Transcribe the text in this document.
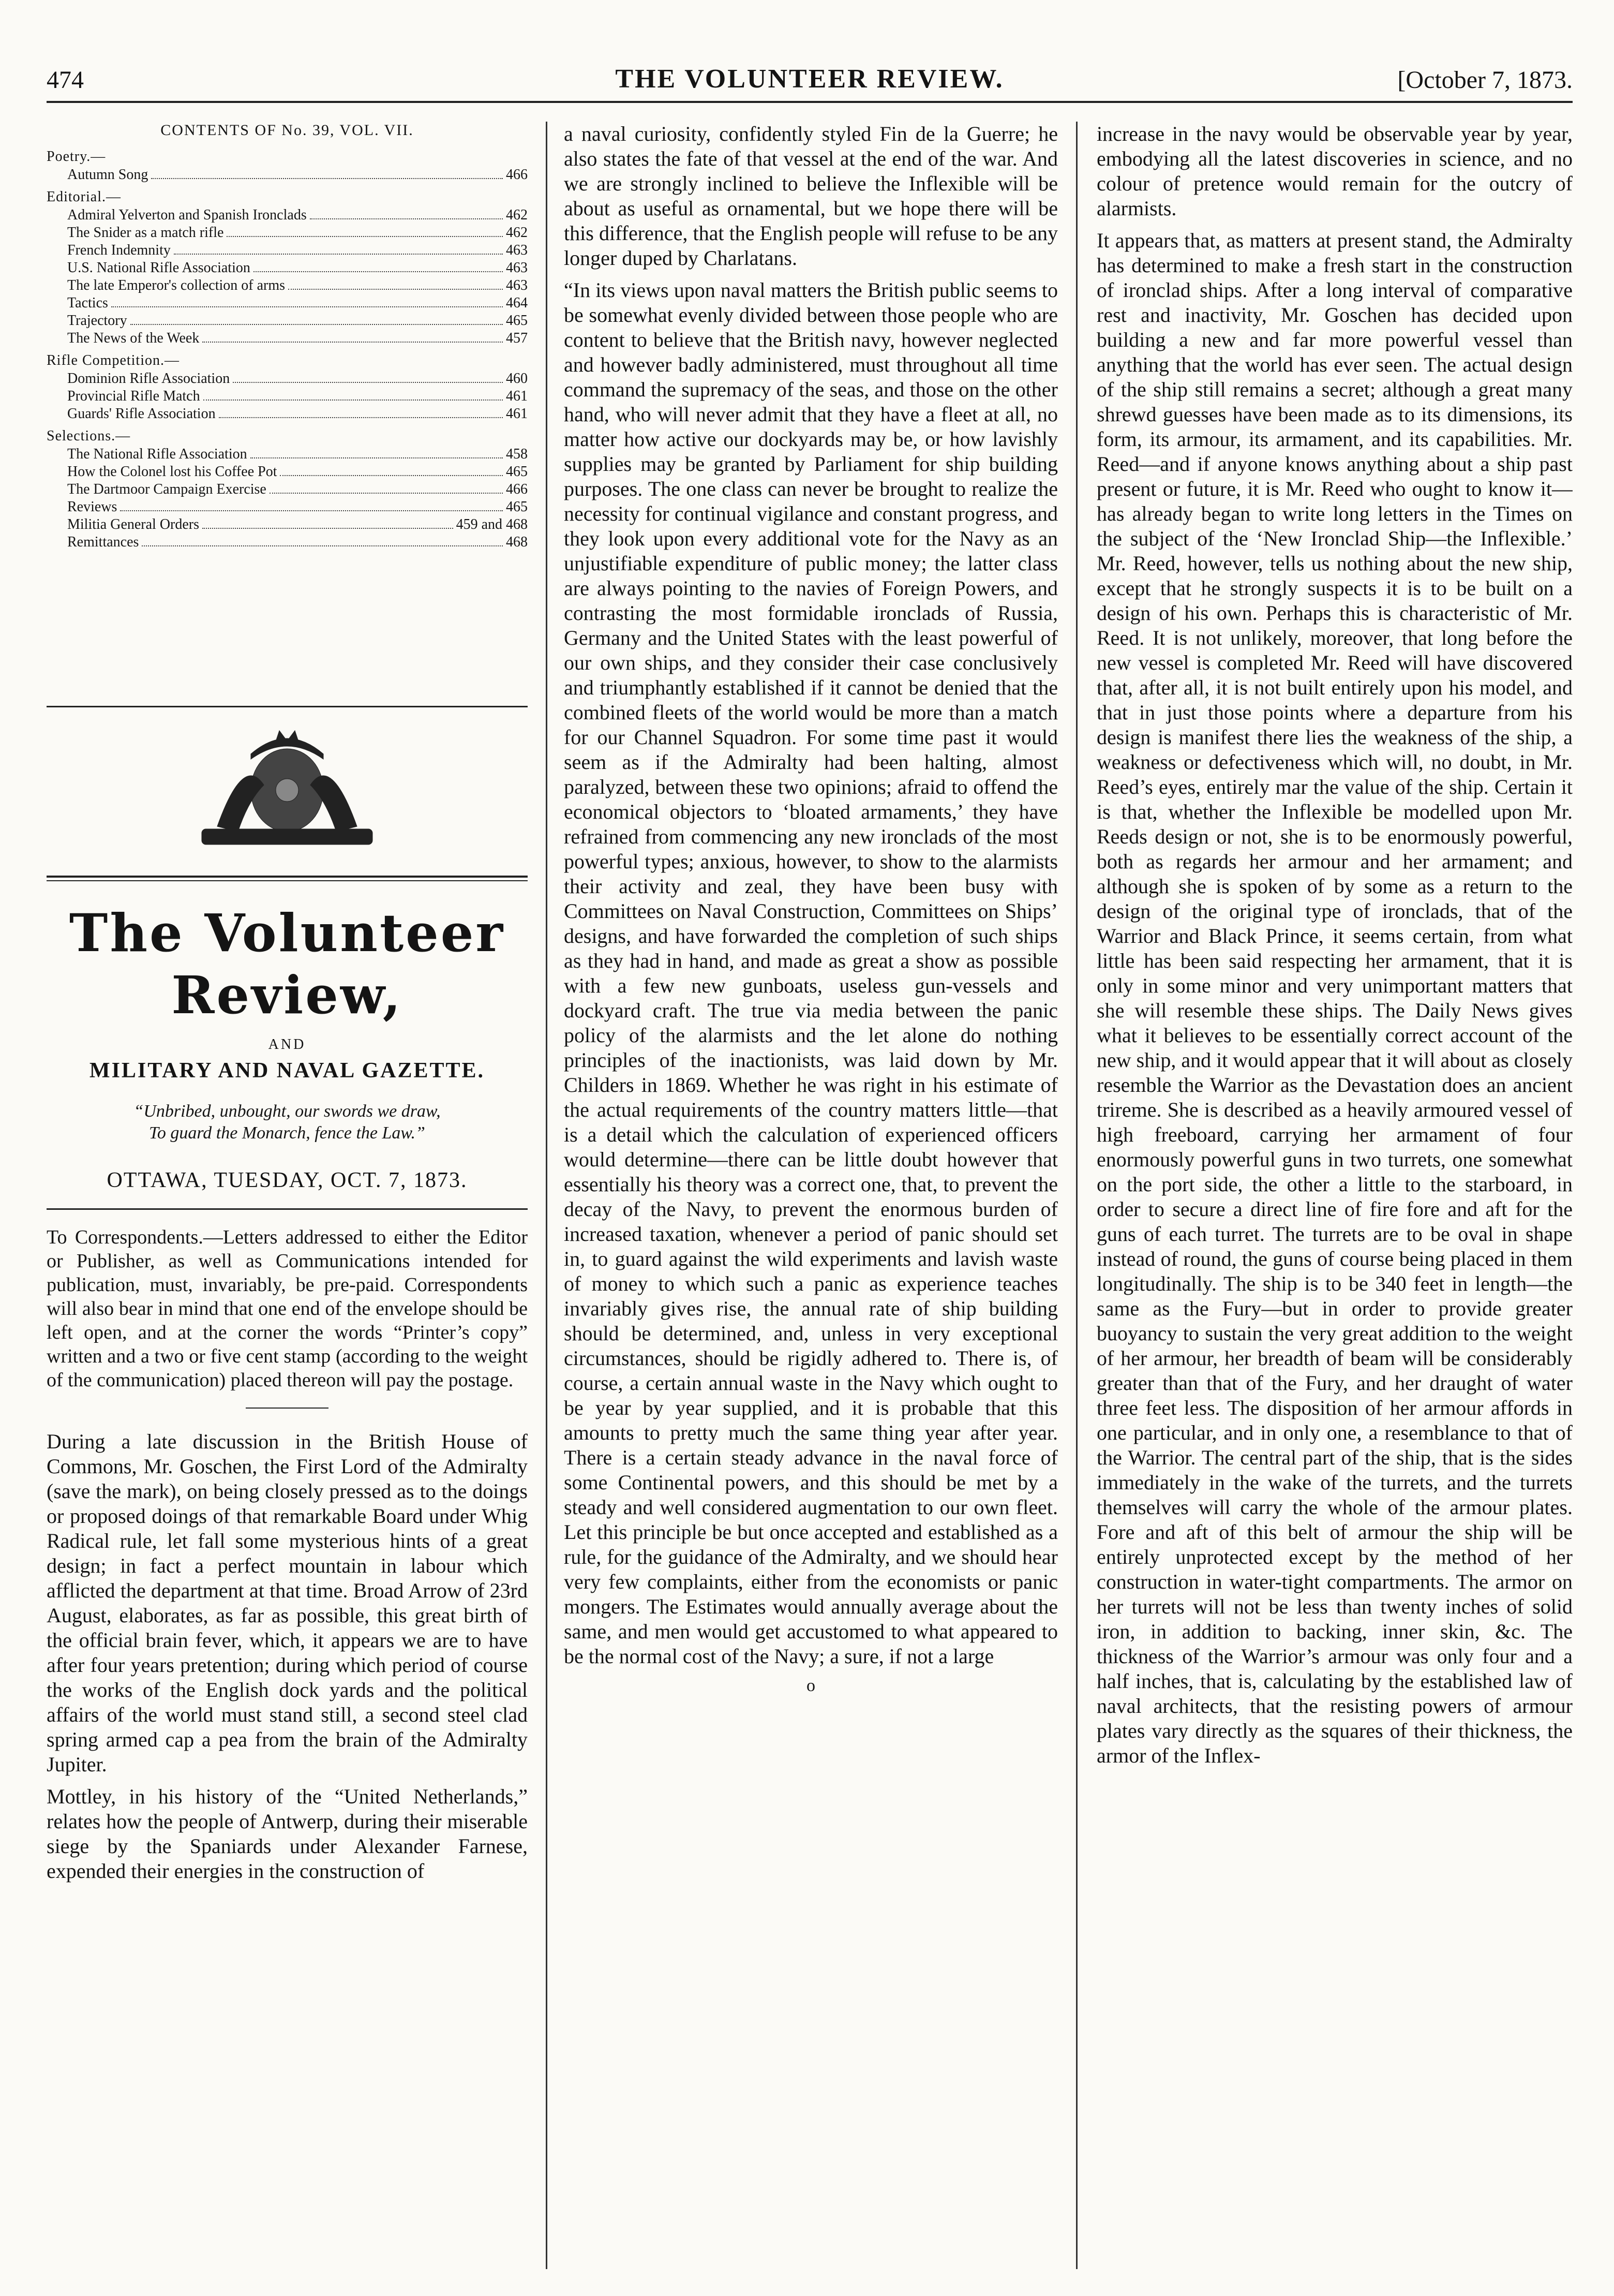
474	THE VOLUNTEER REVIEW.	[October 7, 1873.
CONTENTS OF No. 39, VOL. VII.
Poetry.—
Autumn Song	466
Editorial.—
Admiral Yelverton and Spanish Ironclads	462
The Snider as a match rifle	462
French Indemnity	463
U.S. National Rifle Association	463
The late Emperor's collection of arms	463
Tactics	464
Trajectory	465
The News of the Week	457
Rifle Competition.—
Dominion Rifle Association	460
Provincial Rifle Match	461
Guards' Rifle Association	461
Selections.—
The National Rifle Association	458
How the Colonel lost his Coffee Pot	465
The Dartmoor Campaign Exercise	466
Reviews	465
Militia General Orders	459 and 468
Remittances	468
The Volunteer Review,
AND
MILITARY AND NAVAL GAZETTE.
“Unbribed, unbought, our swords we draw,
To guard the Monarch, fence the Law.”
OTTAWA, TUESDAY, OCT. 7, 1873.

To Correspondents.—Letters addressed to either the Editor or Publisher, as well as Communications intended for publication, must, invariably, be pre-paid. Correspondents will also bear in mind that one end of the envelope should be left open, and at the corner the words “Printer’s copy” written and a two or five cent stamp (according to the weight of the communication) placed thereon will pay the postage.

During a late discussion in the British House of Commons, Mr. Goschen, the First Lord of the Admiralty (save the mark), on being closely pressed as to the doings or proposed doings of that remarkable Board under Whig Radical rule, let fall some mysterious hints of a great design; in fact a perfect mountain in labour which afflicted the department at that time. Broad Arrow of 23rd August, elaborates, as far as possible, this great birth of the official brain fever, which, it appears we are to have after four years pretention; during which period of course the works of the English dock yards and the political affairs of the world must stand still, a second steel clad spring armed cap a pea from the brain of the Admiralty Jupiter.

Mottley, in his history of the “United Netherlands,” relates how the people of Antwerp, during their miserable siege by the Spaniards under Alexander Farnese, expended their energies in the construction of

a naval curiosity, confidently styled Fin de la Guerre; he also states the fate of that vessel at the end of the war. And we are strongly inclined to believe the Inflexible will be about as useful as ornamental, but we hope there will be this difference, that the English people will refuse to be any longer duped by Charlatans.

“In its views upon naval matters the British public seems to be somewhat evenly divided between those people who are content to believe that the British navy, however neglected and however badly administered, must throughout all time command the supremacy of the seas, and those on the other hand, who will never admit that they have a fleet at all, no matter how active our dockyards may be, or how lavishly supplies may be granted by Parliament for ship building purposes. The one class can never be brought to realize the necessity for continual vigilance and constant progress, and they look upon every additional vote for the Navy as an unjustifiable expenditure of public money; the latter class are always pointing to the navies of Foreign Powers, and contrasting the most formidable ironclads of Russia, Germany and the United States with the least powerful of our own ships, and they consider their case conclusively and triumphantly established if it cannot be denied that the combined fleets of the world would be more than a match for our Channel Squadron. For some time past it would seem as if the Admiralty had been halting, almost paralyzed, between these two opinions; afraid to offend the economical objectors to ‘bloated armaments,’ they have refrained from commencing any new ironclads of the most powerful types; anxious, however, to show to the alarmists their activity and zeal, they have been busy with Committees on Naval Construction, Committees on Ships’ designs, and have forwarded the completion of such ships as they had in hand, and made as great a show as possible with a few new gunboats, useless gun-vessels and dockyard craft. The true via media between the panic policy of the alarmists and the let alone do nothing principles of the inactionists, was laid down by Mr. Childers in 1869. Whether he was right in his estimate of the actual requirements of the country matters little—that is a detail which the calculation of experienced officers would determine—there can be little doubt however that essentially his theory was a correct one, that, to prevent the decay of the Navy, to prevent the enormous burden of increased taxation, whenever a period of panic should set in, to guard against the wild experiments and lavish waste of money to which such a panic as experience teaches invariably gives rise, the annual rate of ship building should be determined, and, unless in very exceptional circumstances, should be rigidly adhered to. There is, of course, a certain annual waste in the Navy which ought to be year by year supplied, and it is probable that this amounts to pretty much the same thing year after year. There is a certain steady advance in the naval force of some Continental powers, and this should be met by a steady and well considered augmentation to our own fleet. Let this principle be but once accepted and established as a rule, for the guidance of the Admiralty, and we should hear very few complaints, either from the economists or panic mongers. The Estimates would annually average about the same, and men would get accustomed to what appeared to be the normal cost of the Navy; a sure, if not a large

o

increase in the navy would be observable year by year, embodying all the latest discoveries in science, and no colour of pretence would remain for the outcry of alarmists.

It appears that, as matters at present stand, the Admiralty has determined to make a fresh start in the construction of ironclad ships. After a long interval of comparative rest and inactivity, Mr. Goschen has decided upon building a new and far more powerful vessel than anything that the world has ever seen. The actual design of the ship still remains a secret; although a great many shrewd guesses have been made as to its dimensions, its form, its armour, its armament, and its capabilities. Mr. Reed—and if anyone knows anything about a ship past present or future, it is Mr. Reed who ought to know it—has already began to write long letters in the Times on the subject of the ‘New Ironclad Ship—the Inflexible.’ Mr. Reed, however, tells us nothing about the new ship, except that he strongly suspects it is to be built on a design of his own. Perhaps this is characteristic of Mr. Reed. It is not unlikely, moreover, that long before the new vessel is completed Mr. Reed will have discovered that, after all, it is not built entirely upon his model, and that in just those points where a departure from his design is manifest there lies the weakness of the ship, a weakness or defectiveness which will, no doubt, in Mr. Reed’s eyes, entirely mar the value of the ship. Certain it is that, whether the Inflexible be modelled upon Mr. Reeds design or not, she is to be enormously powerful, both as regards her armour and her armament; and although she is spoken of by some as a return to the design of the original type of ironclads, that of the Warrior and Black Prince, it seems certain, from what little has been said respecting her armament, that it is only in some minor and very unimportant matters that she will resemble these ships. The Daily News gives what it believes to be essentially correct account of the new ship, and it would appear that it will about as closely resemble the Warrior as the Devastation does an ancient trireme. She is described as a heavily armoured vessel of high freeboard, carrying her armament of four enormously powerful guns in two turrets, one somewhat on the port side, the other a little to the starboard, in order to secure a direct line of fire fore and aft for the guns of each turret. The turrets are to be oval in shape instead of round, the guns of course being placed in them longitudinally. The ship is to be 340 feet in length—the same as the Fury—but in order to provide greater buoyancy to sustain the very great addition to the weight of her armour, her breadth of beam will be considerably greater than that of the Fury, and her draught of water three feet less. The disposition of her armour affords in one particular, and in only one, a resemblance to that of the Warrior. The central part of the ship, that is the sides immediately in the wake of the turrets, and the turrets themselves will carry the whole of the armour plates. Fore and aft of this belt of armour the ship will be entirely unprotected except by the method of her construction in water-tight compartments. The armor on her turrets will not be less than twenty inches of solid iron, in addition to backing, inner skin, &c. The thickness of the Warrior’s armour was only four and a half inches, that is, calculating by the established law of naval architects, that the resisting powers of armour plates vary directly as the squares of their thickness, the armor of the Inflex-
